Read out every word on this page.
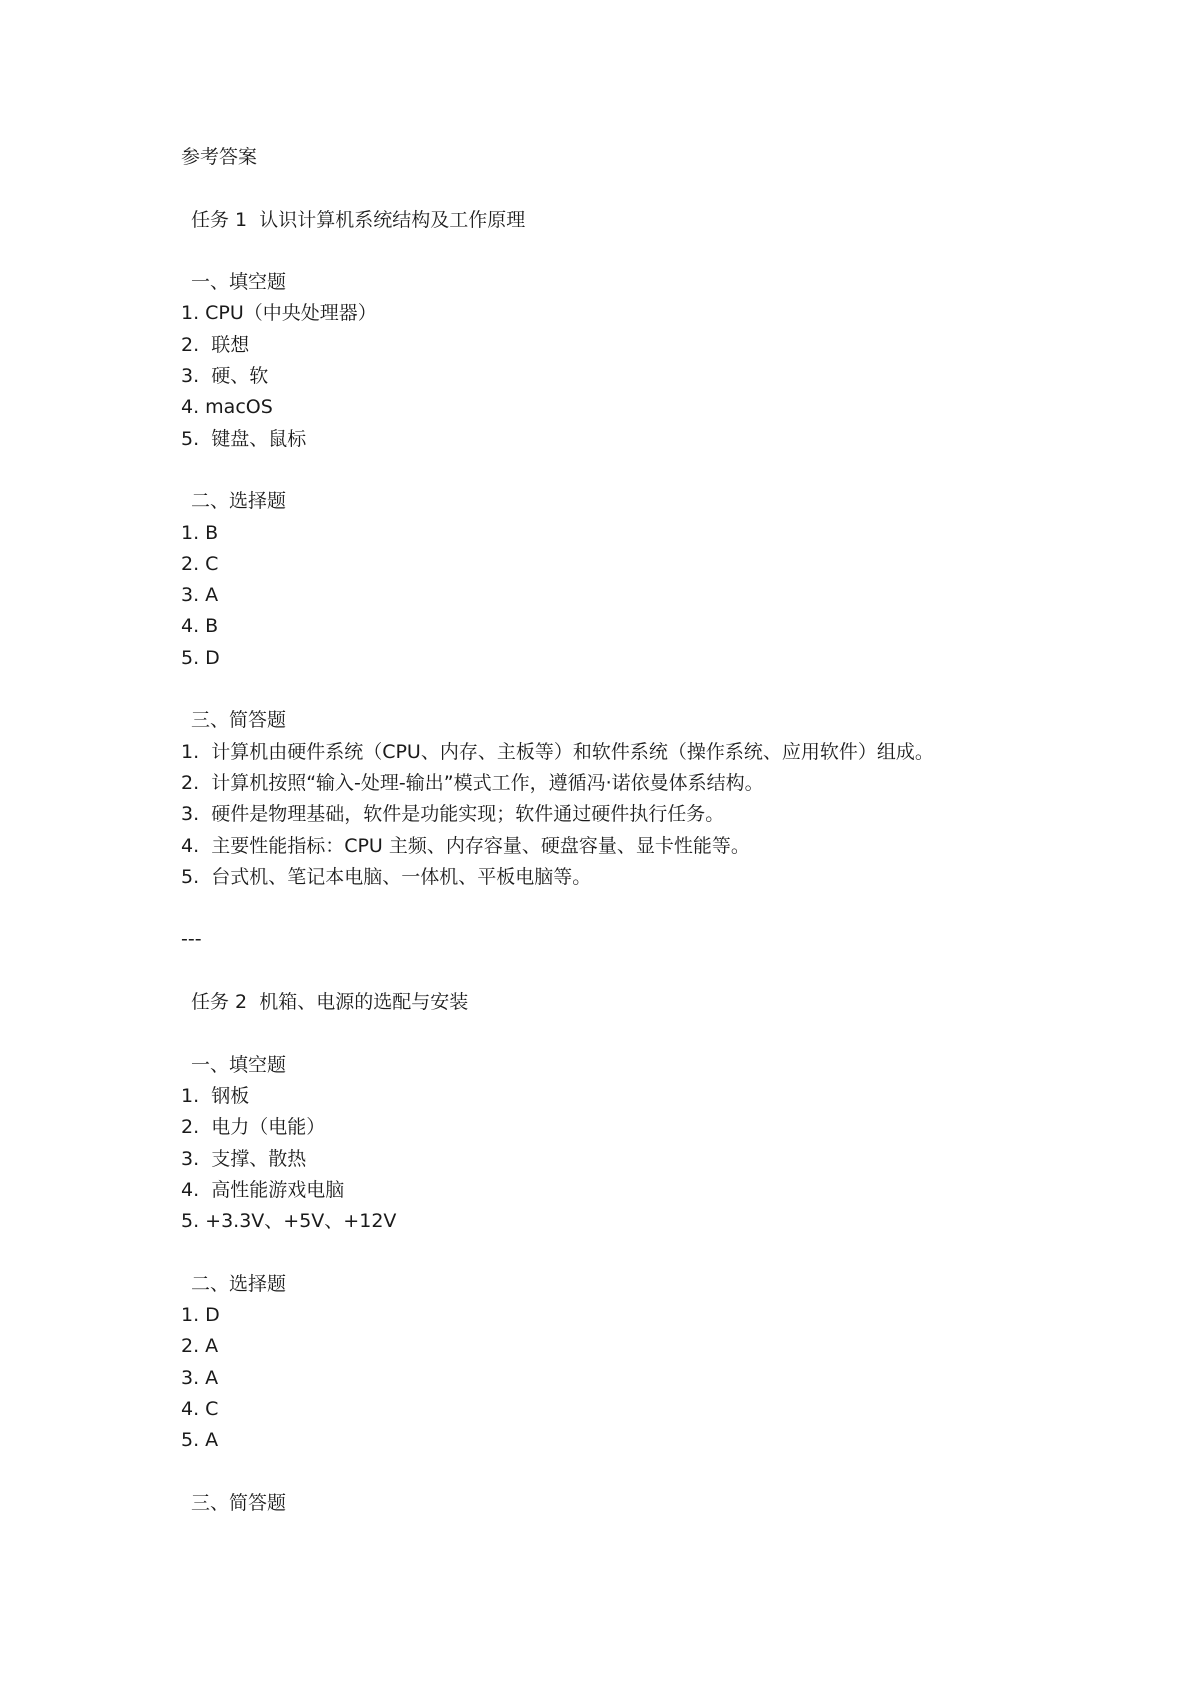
参考答案
任务 1  认识计算机系统结构及工作原理
一、填空题
1. CPU（中央处理器）
2.  联想
3.  硬、软
4. macOS
5.  键盘、鼠标
二、选择题
1. B
2. C
3. A
4. B
5. D
三、简答题
1.  计算机由硬件系统（CPU、内存、主板等）和软件系统（操作系统、应用软件）组成。
2.  计算机按照“输入-处理-输出”模式工作，遵循冯·诺依曼体系结构。
3.  硬件是物理基础，软件是功能实现；软件通过硬件执行任务。
4.  主要性能指标：CPU 主频、内存容量、硬盘容量、显卡性能等。
5.  台式机、笔记本电脑、一体机、平板电脑等。
---
任务 2  机箱、电源的选配与安装
一、填空题
1.  钢板
2.  电力（电能）
3.  支撑、散热
4.  高性能游戏电脑
5. +3.3V、+5V、+12V
二、选择题
1. D
2. A
3. A
4. C
5. A
三、简答题
